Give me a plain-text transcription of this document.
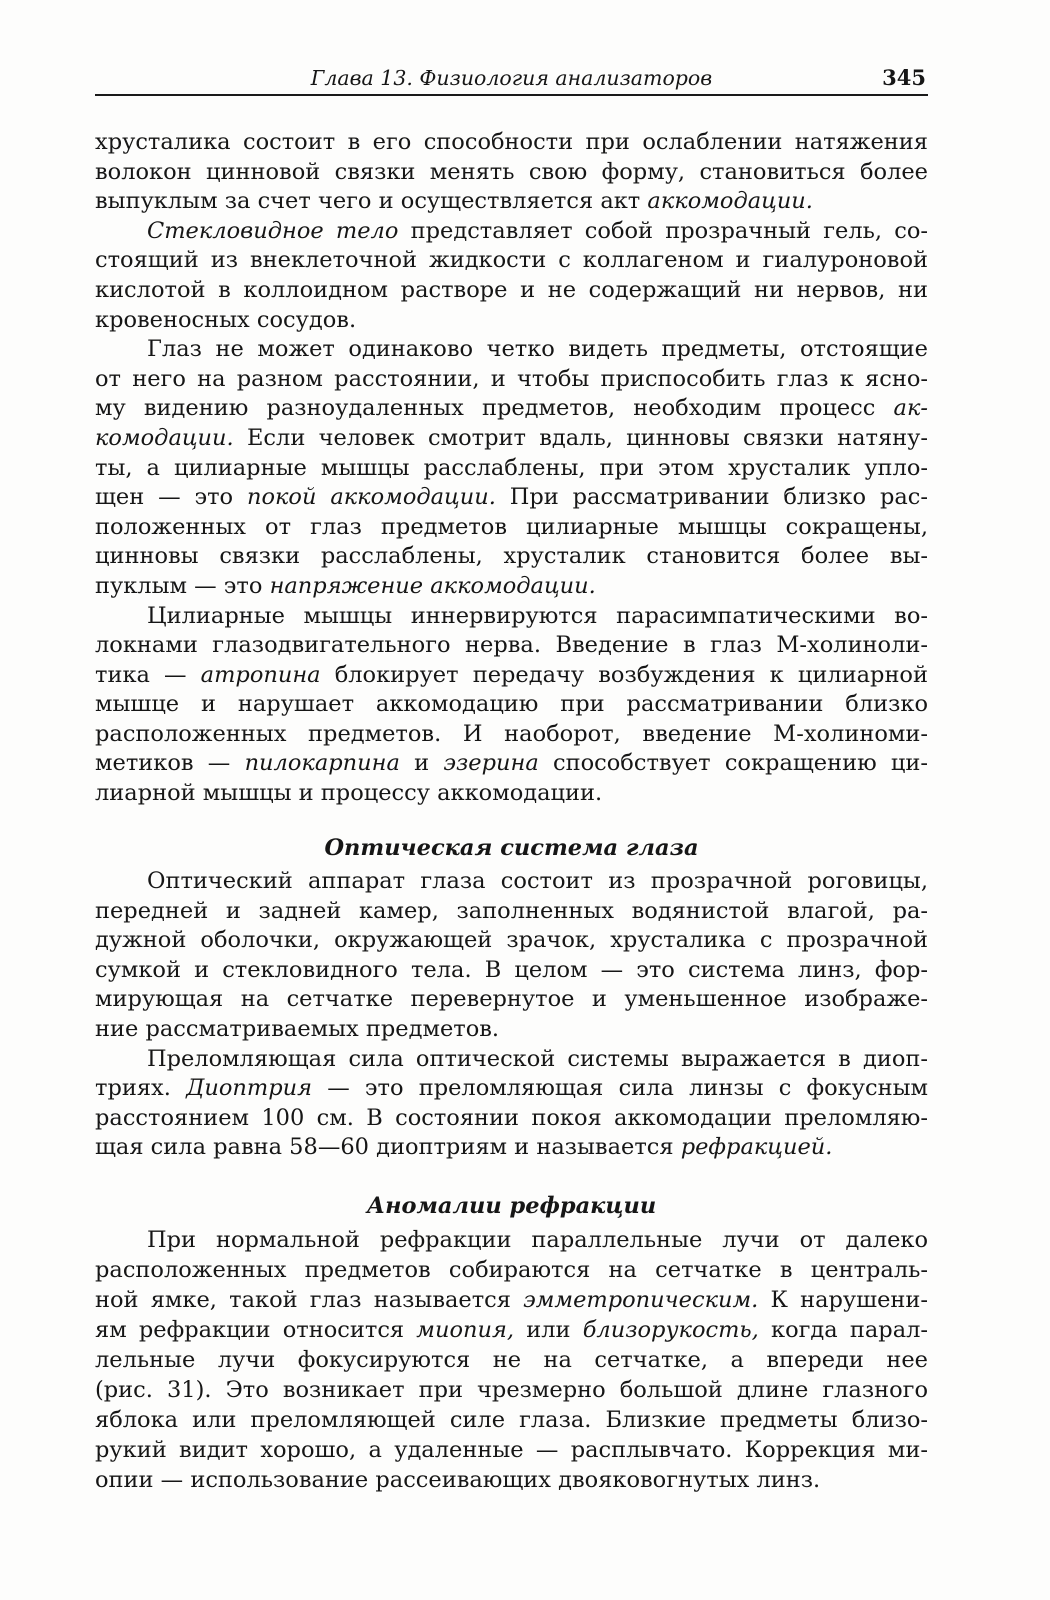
Глава 13. Физиология анализаторов	345
хрусталика состоит в его способности при ослаблении натяжения
волокон цинновой связки менять свою форму, становиться более
выпуклым за счет чего и осуществляется акт аккомодации.
Стекловидное тело представляет собой прозрачный гель, со-
стоящий из внеклеточной жидкости с коллагеном и гиалуроновой
кислотой в коллоидном растворе и не содержащий ни нервов, ни
кровеносных сосудов.
Глаз не может одинаково четко видеть предметы, отстоящие
от него на разном расстоянии, и чтобы приспособить глаз к ясно-
му видению разноудаленных предметов, необходим процесс ак-
комодации. Если человек смотрит вдаль, цинновы связки натяну-
ты, а цилиарные мышцы расслаблены, при этом хрусталик упло-
щен — это покой аккомодации. При рассматривании близко рас-
положенных от глаз предметов цилиарные мышцы сокращены,
цинновы связки расслаблены, хрусталик становится более вы-
пуклым — это напряжение аккомодации.
Цилиарные мышцы иннервируются парасимпатическими во-
локнами глазодвигательного нерва. Введение в глаз М-холиноли-
тика — атропина блокирует передачу возбуждения к цилиарной
мышце и нарушает аккомодацию при рассматривании близко
расположенных предметов. И наоборот, введение М-холиноми-
метиков — пилокарпина и эзерина способствует сокращению ци-
лиарной мышцы и процессу аккомодации.
Оптическая система глаза
Оптический аппарат глаза состоит из прозрачной роговицы,
передней и задней камер, заполненных водянистой влагой, ра-
дужной оболочки, окружающей зрачок, хрусталика с прозрачной
сумкой и стекловидного тела. В целом — это система линз, фор-
мирующая на сетчатке перевернутое и уменьшенное изображе-
ние рассматриваемых предметов.
Преломляющая сила оптической системы выражается в диоп-
триях. Диоптрия — это преломляющая сила линзы с фокусным
расстоянием 100 см. В состоянии покоя аккомодации преломляю-
щая сила равна 58—60 диоптриям и называется рефракцией.
Аномалии рефракции
При нормальной рефракции параллельные лучи от далеко
расположенных предметов собираются на сетчатке в централь-
ной ямке, такой глаз называется эмметропическим. К нарушени-
ям рефракции относится миопия, или близорукость, когда парал-
лельные лучи фокусируются не на сетчатке, а впереди нее
(рис. 31). Это возникает при чрезмерно большой длине глазного
яблока или преломляющей силе глаза. Близкие предметы близо-
рукий видит хорошо, а удаленные — расплывчато. Коррекция ми-
опии — использование рассеивающих двояковогнутых линз.
